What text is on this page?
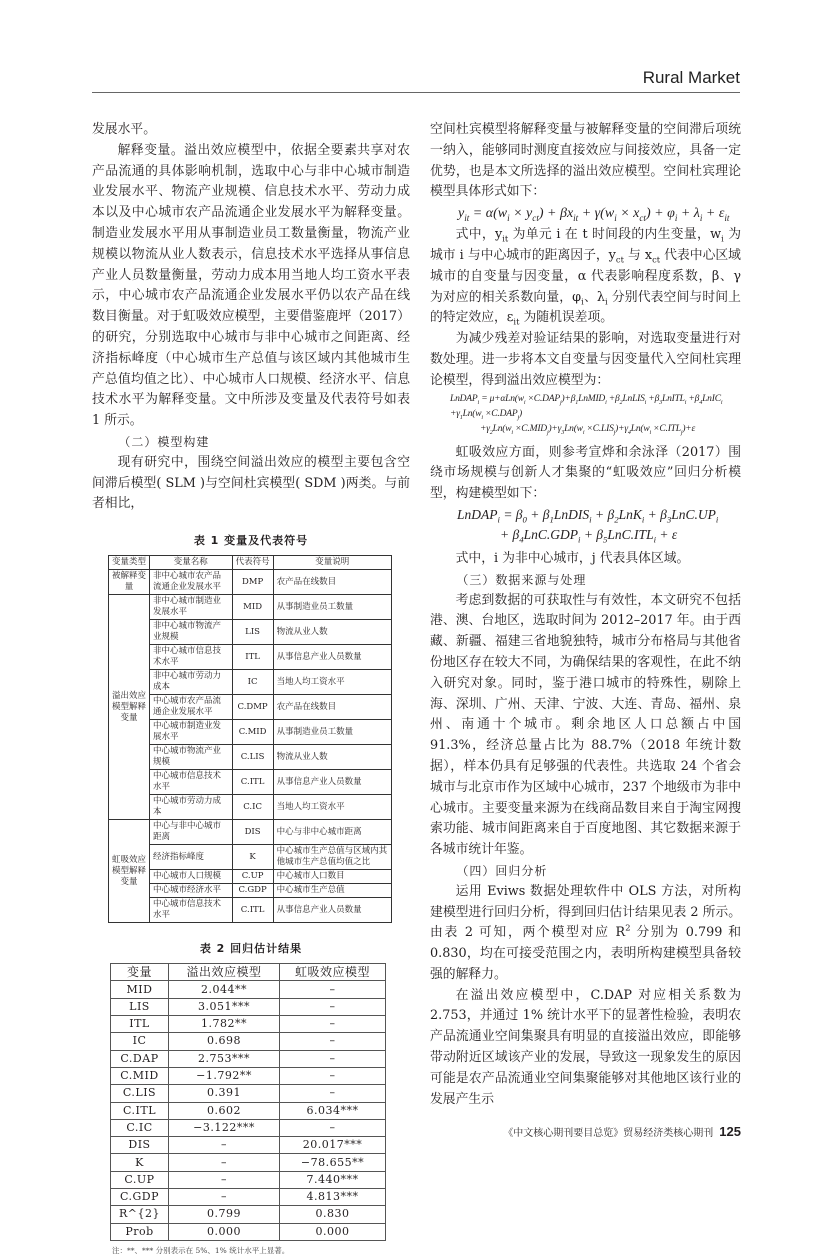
Rural Market

发展水平。

解释变量。溢出效应模型中，依据全要素共享对农产品流通的具体影响机制，选取中心与非中心城市制造业发展水平、物流产业规模、信息技术水平、劳动力成本以及中心城市农产品流通企业发展水平为解释变量。制造业发展水平用从事制造业员工数量衡量，物流产业规模以物流从业人数表示，信息技术水平选择从事信息产业人员数量衡量，劳动力成本用当地人均工资水平表示，中心城市农产品流通企业发展水平仍以农产品在线数目衡量。对于虹吸效应模型，主要借鉴鹿坪（2017）的研究，分别选取中心城市与非中心城市之间距离、经济指标峰度（中心城市生产总值与该区域内其他城市生产总值均值之比）、中心城市人口规模、经济水平、信息技术水平为解释变量。文中所涉及变量及代表符号如表 1 所示。

（二）模型构建

现有研究中，围绕空间溢出效应的模型主要包含空间滞后模型( SLM )与空间杜宾模型( SDM )两类。与前者相比，

表 1 变量及代表符号
变量类型	变量名称	代表符号	变量说明
被解释变量	非中心城市农产品流通企业发展水平	DMP	农产品在线数目
溢出效应模型解释变量	非中心城市制造业发展水平	MID	从事制造业员工数量
	非中心城市物流产业规模	LIS	物流从业人数
	非中心城市信息技术水平	ITL	从事信息产业人员数量
	非中心城市劳动力成本	IC	当地人均工资水平
	中心城市农产品流通企业发展水平	C.DMP	农产品在线数目
	中心城市制造业发展水平	C.MID	从事制造业员工数量
	中心城市物流产业规模	C.LIS	物流从业人数
	中心城市信息技术水平	C.ITL	从事信息产业人员数量
	中心城市劳动力成本	C.IC	当地人均工资水平
虹吸效应模型解释变量	中心与非中心城市距离	DIS	中心与非中心城市距离
	经济指标峰度	K	中心城市生产总值与区域内其他城市生产总值均值之比
	中心城市人口规模	C.UP	中心城市人口数目
	中心城市经济水平	C.GDP	中心城市生产总值
	中心城市信息技术水平	C.ITL	从事信息产业人员数量
表 2 回归估计结果
变量	溢出效应模型	虹吸效应模型
MID	2.044**	–
LIS	3.051***	–
ITL	1.782**	–
IC	0.698	–
C.DAP	2.753***	–
C.MID	−1.792**	–
C.LIS	0.391	–
C.ITL	0.602	6.034***
C.IC	−3.122***	–
DIS	–	20.017***
K	–	−78.655**
C.UP	–	7.440***
C.GDP	–	4.813***
R^{2}	0.799	0.830
Prob	0.000	0.000
注：**、*** 分别表示在 5%、1% 统计水平上显著。

空间杜宾模型将解释变量与被解释变量的空间滞后项统一纳入，能够同时测度直接效应与间接效应，具备一定优势，也是本文所选择的溢出效应模型。空间杜宾理论模型具体形式如下：

$y_{it} = \alpha(w_i \times y_{ct}) + \beta x_{it} + \gamma(w_i \times x_{ct}) + \varphi_i + \lambda_i + \varepsilon_{it}$

式中，$y_{it}$ 为单元 i 在 t 时间段的内生变量，$w_i$ 为城市 i 与中心城市的距离因子，$y_{ct}$ 与 $x_{ct}$ 代表中心区域城市的自变量与因变量，α 代表影响程度系数，β、γ 为对应的相关系数向量，$\varphi_i$、$\lambda_i$ 分别代表空间与时间上的特定效应，$\varepsilon_{it}$ 为随机误差项。

为减少残差对验证结果的影响，对选取变量进行对数处理。进一步将本文自变量与因变量代入空间杜宾理论模型，得到溢出效应模型为：

LnDAP$_i$ = $\mu+\alpha Ln(w_i$ $\times C.DAP_j)+\beta_1LnMID_i$ $+\beta_2LnLIS_i$ $+\beta_3LnITL_i$ $+\beta_4LnIC_i +\gamma_1Ln(w_i \times C.DAP_j)$

$+\gamma_2Ln(w_i \times C.MID_j)+\gamma_3Ln(w_i \times C.LIS_j)+\gamma_4Ln(w_i \times C.ITL_j)+\varepsilon$

虹吸效应方面，则参考宣烨和余泳泽（2017）围绕市场规模与创新人才集聚的“虹吸效应”回归分析模型，构建模型如下：

LnDAP$_i$ = $\beta_0$ + $\beta_1LnDIS_i + \beta_2LnK_i + \beta_3LnC.UP_i$

+ $\beta_4LnC.GDP_i + \beta_5LnC.ITL_i + \varepsilon$

式中，i 为非中心城市，j 代表具体区域。

（三）数据来源与处理

考虑到数据的可获取性与有效性，本文研究不包括港、澳、台地区，选取时间为 2012–2017 年。由于西藏、新疆、福建三省地貌独特，城市分布格局与其他省份地区存在较大不同，为确保结果的客观性，在此不纳入研究对象。同时，鉴于港口城市的特殊性，剔除上海、深圳、广州、天津、宁波、大连、青岛、福州、泉州、南通十个城市。剩余地区人口总额占中国 91.3%，经济总量占比为 88.7%（2018 年统计数据），样本仍具有足够强的代表性。共选取 24 个省会城市与北京市作为区域中心城市，237 个地级市为非中心城市。主要变量来源为在线商品数目来自于淘宝网搜索功能、城市间距离来自于百度地图、其它数据来源于各城市统计年鉴。

（四）回归分析

运用 Eviws 数据处理软件中 OLS 方法，对所构建模型进行回归分析，得到回归估计结果见表 2 所示。由表 2 可知，两个模型对应 $R^2$ 分别为 0.799 和 0.830，均在可接受范围之内，表明所构建模型具备较强的解释力。

在溢出效应模型中，C.DAP 对应相关系数为 2.753，并通过 1% 统计水平下的显著性检验，表明农产品流通业空间集聚具有明显的直接溢出效应，即能够带动附近区域该产业的发展，导致这一现象发生的原因可能是农产品流通业空间集聚能够对其他地区该行业的发展产生示

《中文核心期刊要目总览》贸易经济类核心期刊 125
